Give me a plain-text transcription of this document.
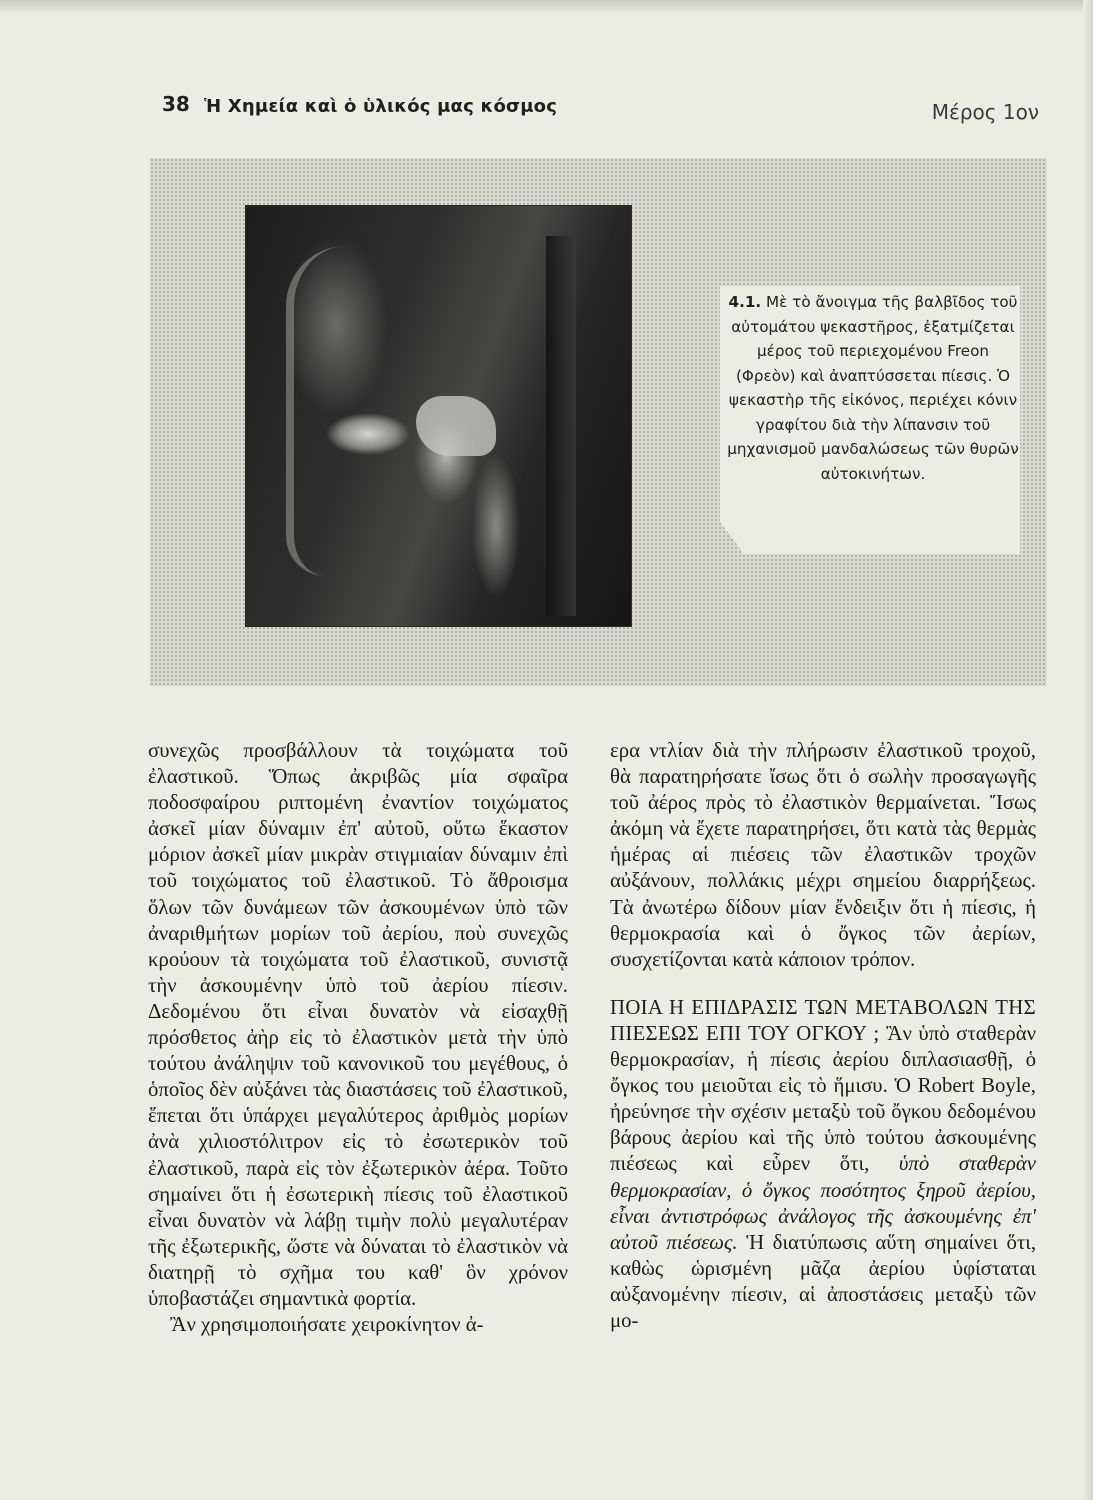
38 Ἡ Χημεία καὶ ὁ ὑλικός μας κόσμος	Μέρος 1ον
4.1. Μὲ τὸ ἄνοιγμα τῆς βαλβῖδος τοῦ αὐτομάτου ψεκαστῆρος, ἐξατμίζεται μέρος τοῦ περιεχομένου Freon (Φρεὸν) καὶ ἀναπτύσσεται πίεσις. Ὁ ψεκαστὴρ τῆς εἰκόνος, περιέχει κόνιν γραφίτου διὰ τὴν λίπανσιν τοῦ μηχανισμοῦ μανδαλώσεως τῶν θυρῶν αὐτοκινήτων.

συνεχῶς προσβάλλουν τὰ τοιχώματα τοῦ ἐλαστικοῦ. Ὅπως ἀκριβῶς μία σφαῖρα ποδοσφαίρου ριπτομένη ἐναντίον τοιχώματος ἀσκεῖ μίαν δύναμιν ἐπ' αὐτοῦ, οὕτω ἕκαστον μόριον ἀσκεῖ μίαν μικρὰν στιγμιαίαν δύναμιν ἐπὶ τοῦ τοιχώματος τοῦ ἐλαστικοῦ. Τὸ ἄθροισμα ὅλων τῶν δυνάμεων τῶν ἀσκουμένων ὑπὸ τῶν ἀναριθμήτων μορίων τοῦ ἀερίου, ποὺ συνεχῶς κρούουν τὰ τοιχώματα τοῦ ἐλαστικοῦ, συνιστᾷ τὴν ἀσκουμένην ὑπὸ τοῦ ἀερίου πίεσιν. Δεδομένου ὅτι εἶναι δυνατὸν νὰ εἰσαχθῇ πρόσθετος ἀὴρ εἰς τὸ ἐλαστικὸν μετὰ τὴν ὑπὸ τούτου ἀνάληψιν τοῦ κανονικοῦ του μεγέθους, ὁ ὁποῖος δὲν αὐξάνει τὰς διαστάσεις τοῦ ἐλαστικοῦ, ἕπεται ὅτι ὑπάρχει μεγαλύτερος ἀριθμὸς μορίων ἀνὰ χιλιοστόλιτρον εἰς τὸ ἐσωτερικὸν τοῦ ἐλαστικοῦ, παρὰ εἰς τὸν ἐξωτερικὸν ἀέρα. Τοῦτο σημαίνει ὅτι ἡ ἐσωτερικὴ πίεσις τοῦ ἐλαστικοῦ εἶναι δυνατὸν νὰ λάβῃ τιμὴν πολὺ μεγαλυτέραν τῆς ἐξωτερικῆς, ὥστε νὰ δύναται τὸ ἐλαστικὸν νὰ διατηρῇ τὸ σχῆμα του καθ' ὃν χρόνον ὑποβαστάζει σημαντικὰ φορτία.

Ἂν χρησιμοποιήσατε χειροκίνητον ἀ-

ερα ντλίαν διὰ τὴν πλήρωσιν ἐλαστικοῦ τροχοῦ, θὰ παρατηρήσατε ἴσως ὅτι ὁ σωλὴν προσαγωγῆς τοῦ ἀέρος πρὸς τὸ ἐλαστικὸν θερμαίνεται. Ἴσως ἀκόμη νὰ ἔχετε παρατηρήσει, ὅτι κατὰ τὰς θερμὰς ἡμέρας αἱ πιέσεις τῶν ἐλαστικῶν τροχῶν αὐξάνουν, πολλάκις μέχρι σημείου διαρρήξεως. Τὰ ἀνωτέρω δίδουν μίαν ἔνδειξιν ὅτι ἡ πίεσις, ἡ θερμοκρασία καὶ ὁ ὄγκος τῶν ἀερίων, συσχετίζονται κατὰ κάποιον τρόπον.

ΠΟΙΑ Η ΕΠΙΔΡΑΣΙΣ ΤΩΝ ΜΕΤΑΒΟΛΩΝ ΤΗΣ ΠΙΕΣΕΩΣ ΕΠΙ ΤΟΥ ΟΓΚΟΥ ; Ἂν ὑπὸ σταθερὰν θερμοκρασίαν, ἡ πίεσις ἀερίου διπλασιασθῇ, ὁ ὄγκος του μειοῦται εἰς τὸ ἥμισυ. Ὁ Robert Boyle, ἠρεύνησε τὴν σχέσιν μεταξὺ τοῦ ὄγκου δεδομένου βάρους ἀερίου καὶ τῆς ὑπὸ τούτου ἀσκουμένης πιέσεως καὶ εὗρεν ὅτι, ὑπὸ σταθερὰν θερμοκρασίαν, ὁ ὄγκος ποσότητος ξηροῦ ἀερίου, εἶναι ἀντιστρόφως ἀνάλογος τῆς ἀσκουμένης ἐπ' αὐτοῦ πιέσεως. Ἡ διατύπωσις αὕτη σημαίνει ὅτι, καθὼς ὡρισμένη μᾶζα ἀερίου ὑφίσταται αὐξανομένην πίεσιν, αἱ ἀποστάσεις μεταξὺ τῶν μο-
